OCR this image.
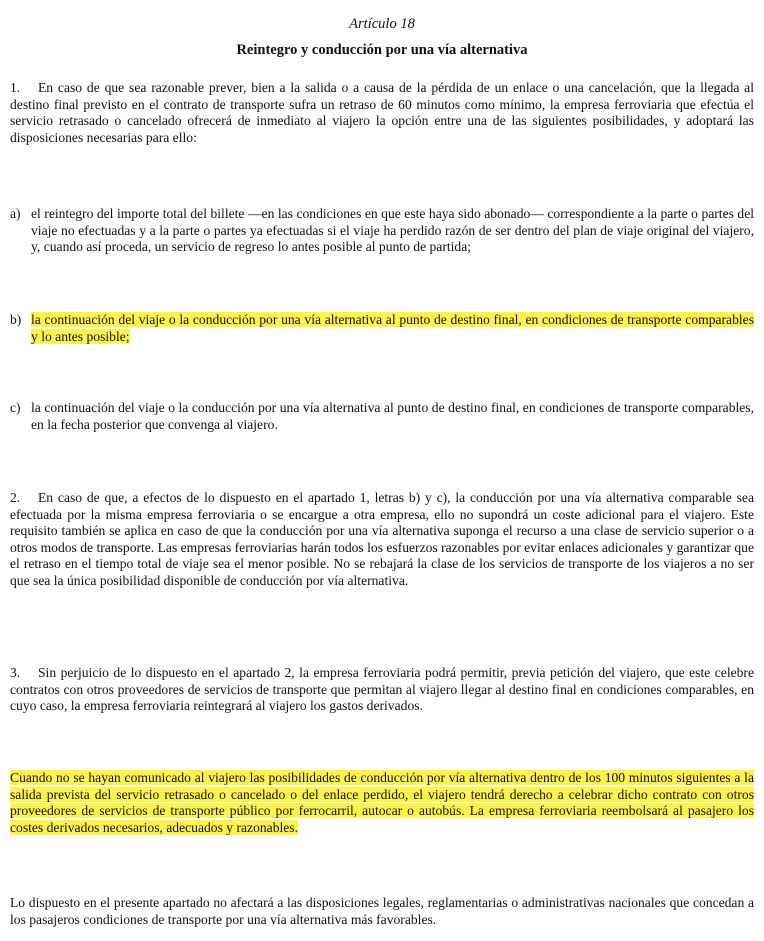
Artículo 18
Reintegro y conducción por una vía alternativa
1. En caso de que sea razonable prever, bien a la salida o a causa de la pérdida de un enlace o una cancelación, que la llegada al destino final previsto en el contrato de transporte sufra un retraso de 60 minutos como mínimo, la empresa ferroviaria que efectúa el servicio retrasado o cancelado ofrecerá de inmediato al viajero la opción entre una de las siguientes posibilidades, y adoptará las disposiciones necesarias para ello:
a) el reintegro del importe total del billete —en las condiciones en que este haya sido abonado— correspondiente a la parte o partes del viaje no efectuadas y a la parte o partes ya efectuadas si el viaje ha perdido razón de ser dentro del plan de viaje original del viajero, y, cuando así proceda, un servicio de regreso lo antes posible al punto de partida;
b) la continuación del viaje o la conducción por una vía alternativa al punto de destino final, en condiciones de transporte comparables y lo antes posible;
c) la continuación del viaje o la conducción por una vía alternativa al punto de destino final, en condiciones de transporte comparables, en la fecha posterior que convenga al viajero.
2. En caso de que, a efectos de lo dispuesto en el apartado 1, letras b) y c), la conducción por una vía alternativa comparable sea efectuada por la misma empresa ferroviaria o se encargue a otra empresa, ello no supondrá un coste adicional para el viajero. Este requisito también se aplica en caso de que la conducción por una vía alternativa suponga el recurso a una clase de servicio superior o a otros modos de transporte. Las empresas ferroviarias harán todos los esfuerzos razonables por evitar enlaces adicionales y garantizar que el retraso en el tiempo total de viaje sea el menor posible. No se rebajará la clase de los servicios de transporte de los viajeros a no ser que sea la única posibilidad disponible de conducción por vía alternativa.
3. Sin perjuicio de lo dispuesto en el apartado 2, la empresa ferroviaria podrá permitir, previa petición del viajero, que este celebre contratos con otros proveedores de servicios de transporte que permitan al viajero llegar al destino final en condiciones comparables, en cuyo caso, la empresa ferroviaria reintegrará al viajero los gastos derivados.
Cuando no se hayan comunicado al viajero las posibilidades de conducción por vía alternativa dentro de los 100 minutos siguientes a la salida prevista del servicio retrasado o cancelado o del enlace perdido, el viajero tendrá derecho a celebrar dicho contrato con otros proveedores de servicios de transporte público por ferrocarril, autocar o autobús. La empresa ferroviaria reembolsará al pasajero los costes derivados necesarios, adecuados y razonables.
Lo dispuesto en el presente apartado no afectará a las disposiciones legales, reglamentarias o administrativas nacionales que concedan a los pasajeros condiciones de transporte por una vía alternativa más favorables.
